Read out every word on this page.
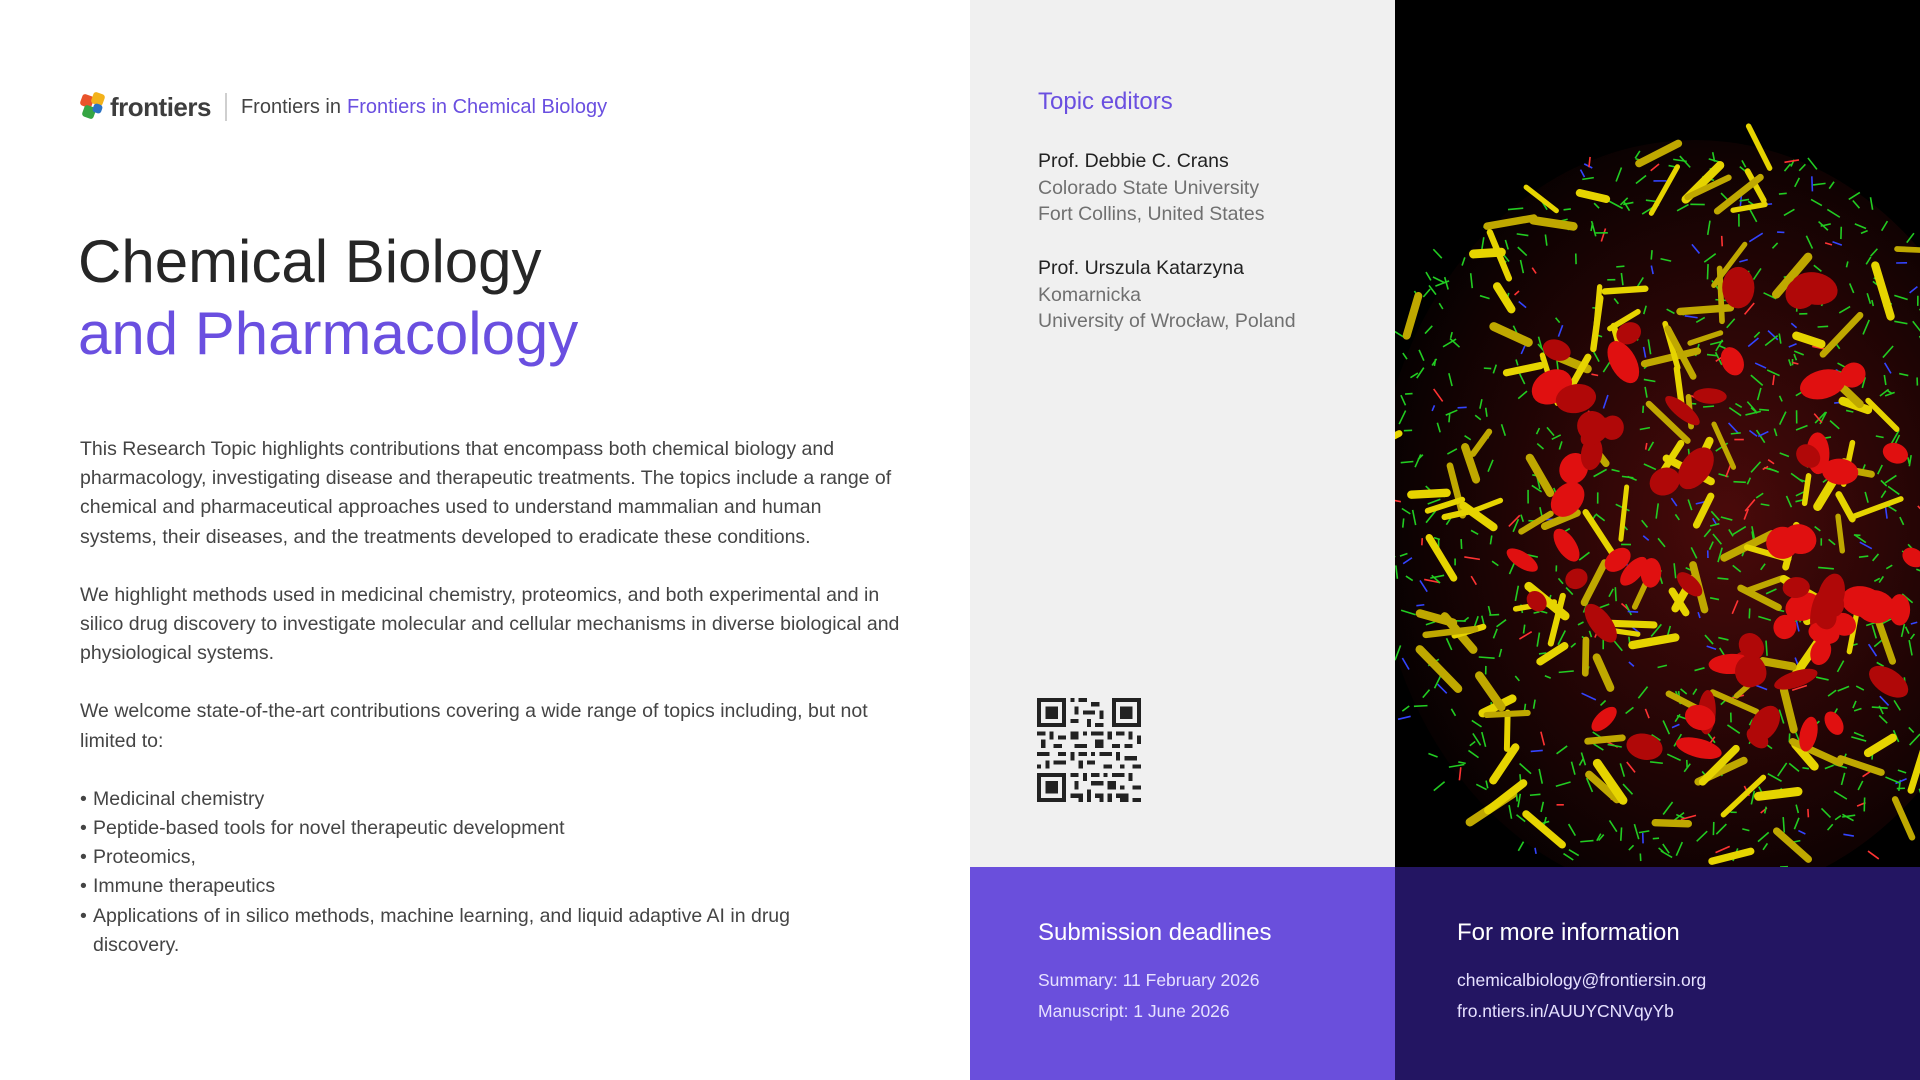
frontiers Frontiers in Frontiers in Chemical Biology
Chemical Biology
and Pharmacology

This Research Topic highlights contributions that encompass both chemical biology and pharmacology, investigating disease and therapeutic treatments. The topics include a range of chemical and pharmaceutical approaches used to understand mammalian and human systems, their diseases, and the treatments developed to eradicate these conditions.

We highlight methods used in medicinal chemistry, proteomics, and both experimental and in silico drug discovery to investigate molecular and cellular mechanisms in diverse biological and physiological systems.

We welcome state-of-the-art contributions covering a wide range of topics including, but not limited to:

• Medicinal chemistry
• Peptide-based tools for novel therapeutic development
• Proteomics,
• Immune therapeutics
• Applications of in silico methods, machine learning, and liquid adaptive AI in drug discovery.
Topic editors
Prof. Debbie C. Crans
Colorado State University
Fort Collins, United States
Prof. Urszula Katarzyna
Komarnicka
University of Wrocław, Poland
Submission deadlines
Summary: 11 February 2026
Manuscript: 1 June 2026
For more information
chemicalbiology@frontiersin.org
fro.ntiers.in/AUUYCNVqyYb
